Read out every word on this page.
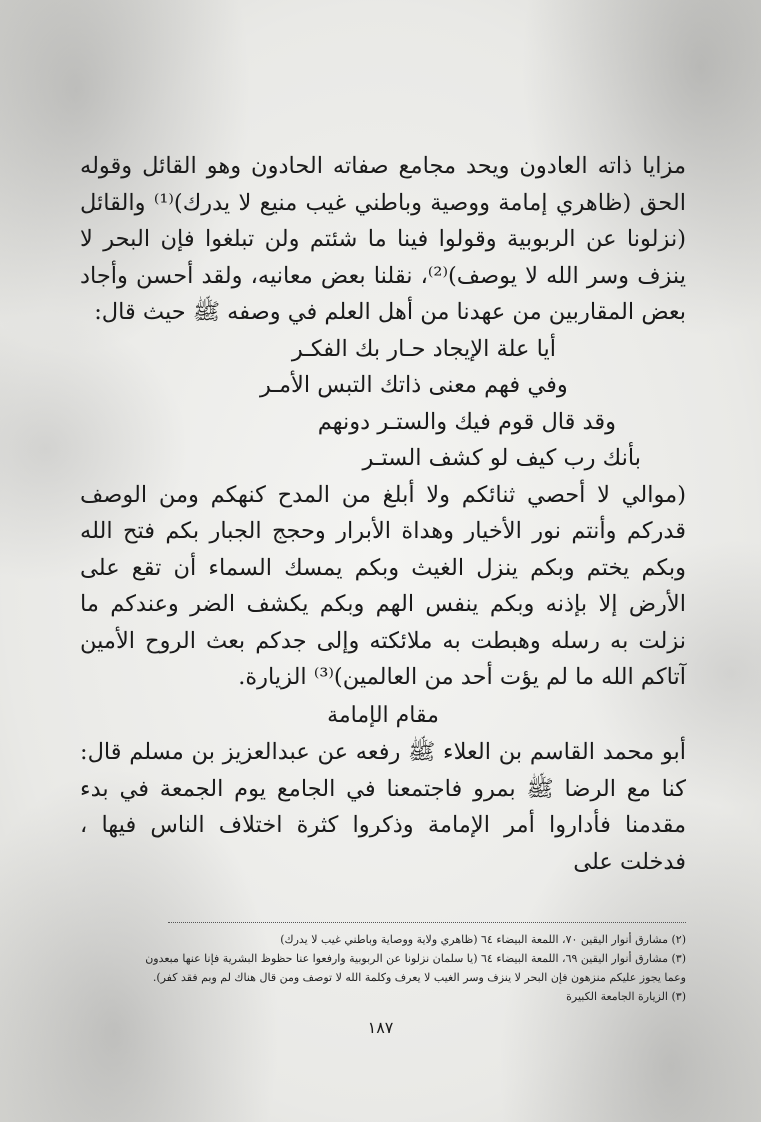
مزايا ذاته العادون ويحد مجامع صفاته الحادون وهو القائل وقوله الحق (ظاهري إمامة ووصية وباطني غيب منيع لا يدرك)⁽¹⁾ والقائل (نزلونا عن الربوبية وقولوا فينا ما شئتم ولن تبلغوا فإن البحر لا ينزف وسر الله لا يوصف)⁽²⁾، نقلنا بعض معانيه، ولقد أحسن وأجاد بعض المقاربين من عهدنا من أهل العلم في وصفه ﷺ حيث قال:

أيا علة الإيجاد حـار بك الفكـر

وفي فهم معنى ذاتك التبس الأمـر

وقد قال قوم فيك والستـر دونهم

بأنك رب كيف لو كشف الستـر

(موالي لا أحصي ثنائكم ولا أبلغ من المدح كنهكم ومن الوصف قدركم وأنتم نور الأخيار وهداة الأبرار وحجج الجبار بكم فتح الله وبكم يختم وبكم ينزل الغيث وبكم يمسك السماء أن تقع على الأرض إلا بإذنه وبكم ينفس الهم وبكم يكشف الضر وعندكم ما نزلت به رسله وهبطت به ملائكته وإلى جدكم بعث الروح الأمين آتاكم الله ما لم يؤت أحد من العالمين)⁽³⁾ الزيارة.

مقام الإمامة

أبو محمد القاسم بن العلاء ﷺ رفعه عن عبدالعزيز بن مسلم قال: كنا مع الرضا ﷺ بمرو فاجتمعنا في الجامع يوم الجمعة في بدء مقدمنا فأداروا أمر الإمامة وذكروا كثرة اختلاف الناس فيها ، فدخلت على

(٢) مشارق أنوار اليقين ٧٠، اللمعة البيضاء ٦٤ (ظاهري ولاية ووصاية وباطني غيب لا يدرك)

(٣) مشارق أنوار اليقين ٦٩، اللمعة البيضاء ٦٤ (يا سلمان نزلونا عن الربوبية وارفعوا عنا حظوظ البشرية فإنا عنها مبعدون

وعما يجوز عليكم منزهون فإن البحر لا ينزف وسر الغيب لا يعرف وكلمة الله لا توصف ومن قال هناك لم وبم فقد كفر).

(٣) الزيارة الجامعة الكبيرة

١٨٧
